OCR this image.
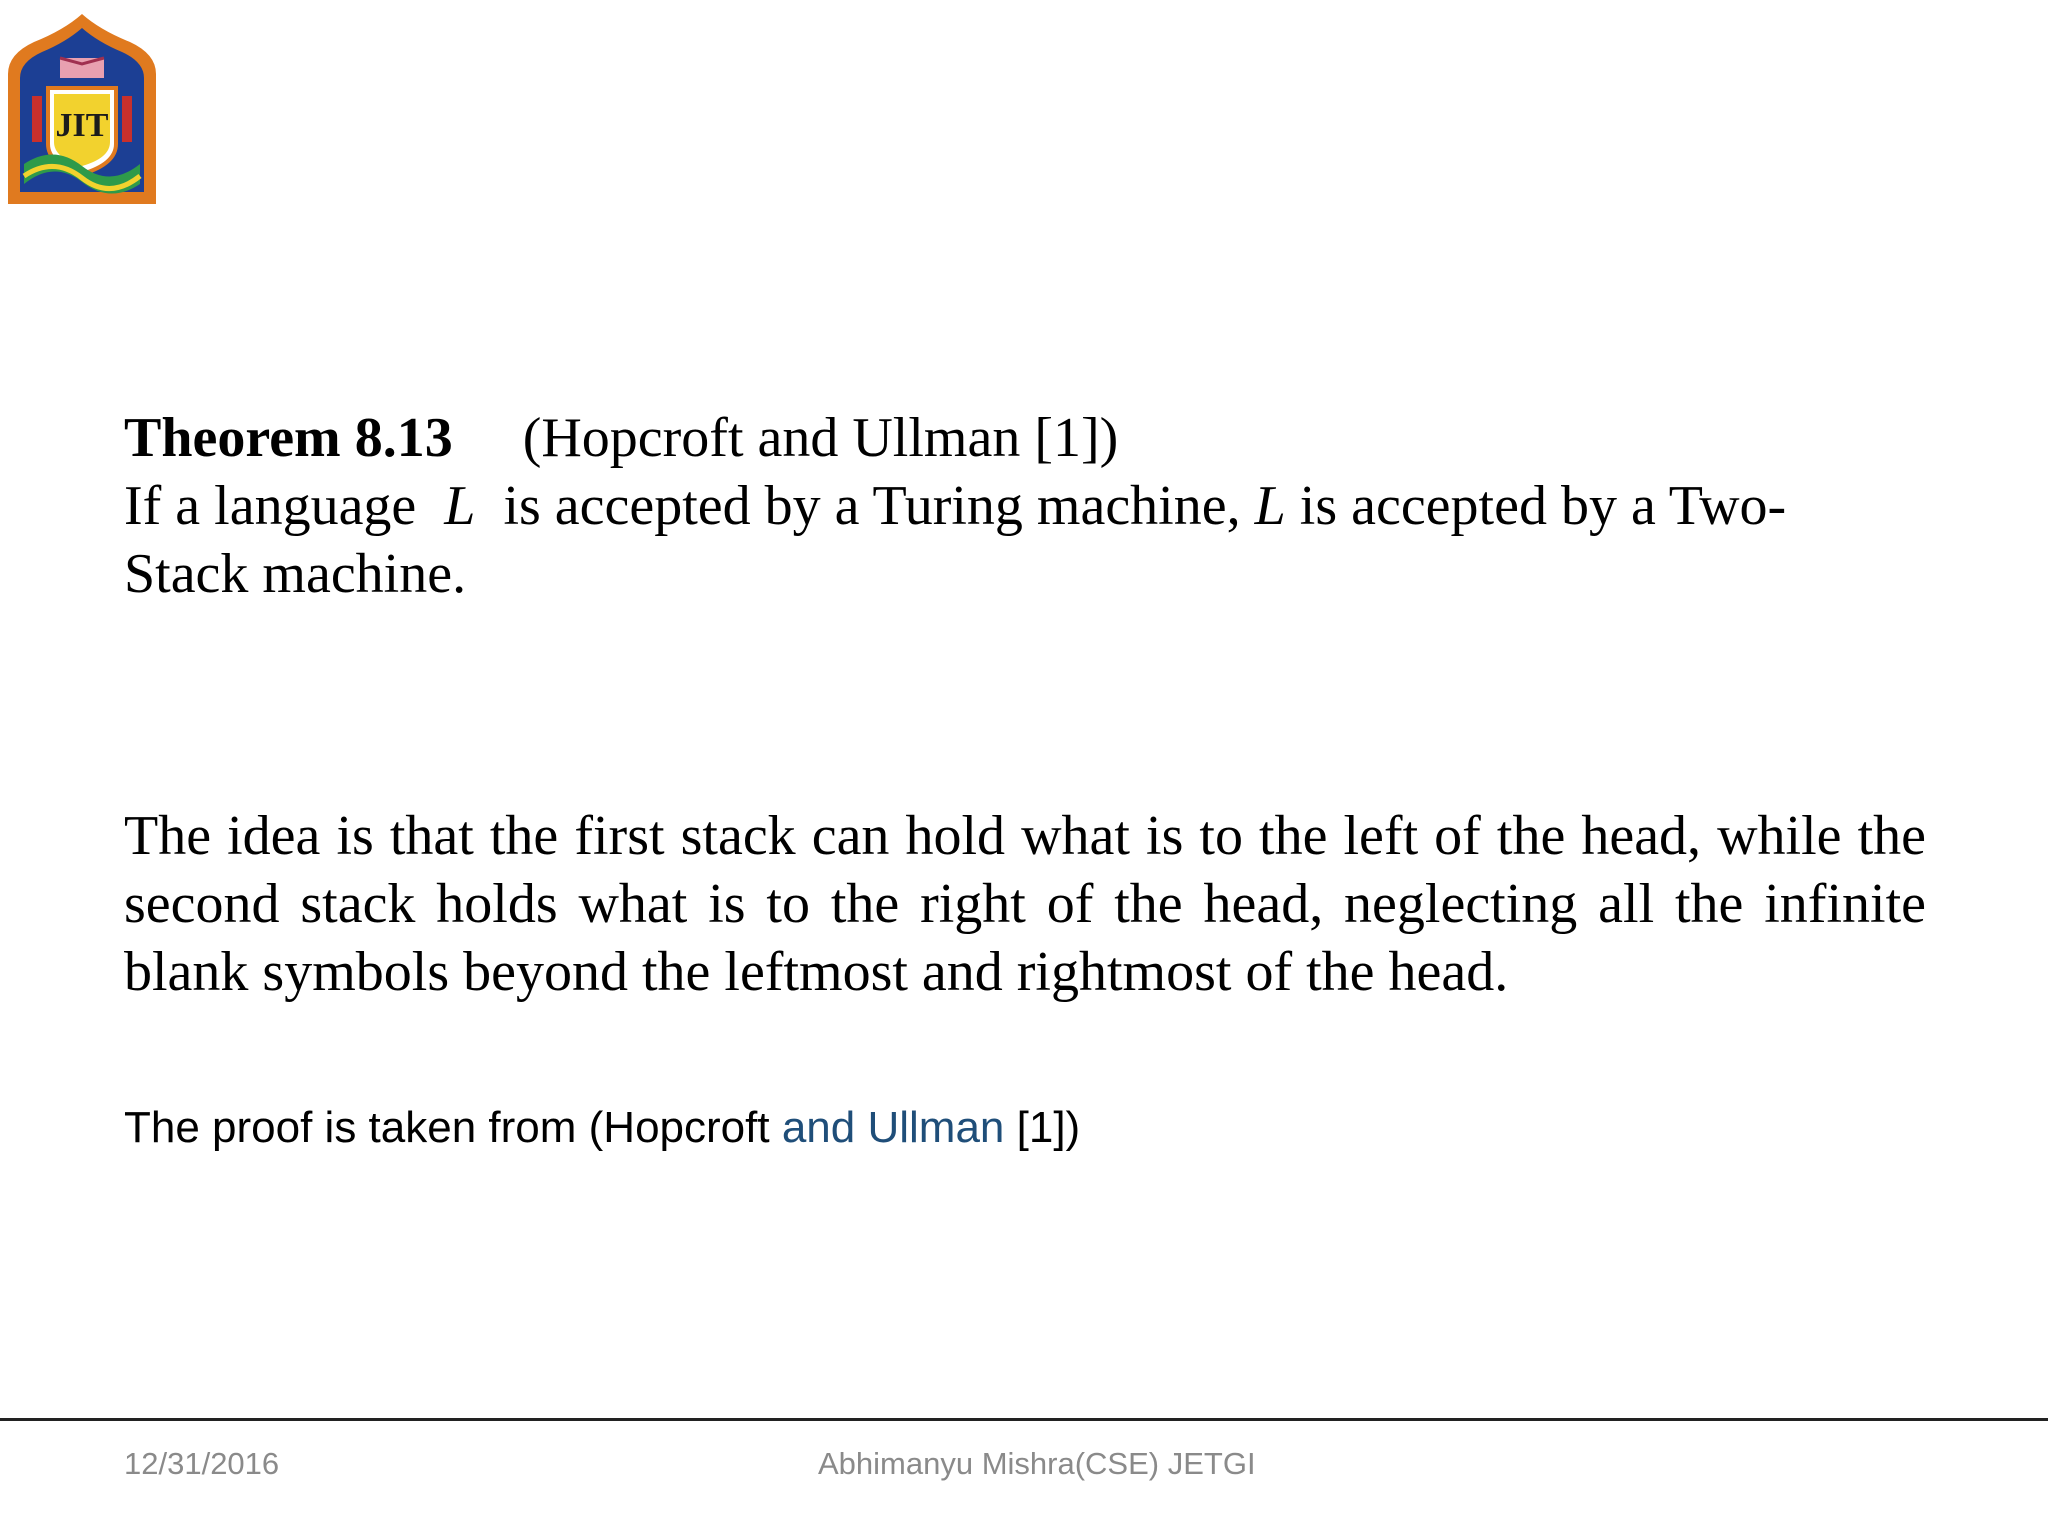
JIT
Theorem 8.13 (Hopcroft and Ullman [1])
If a language L is accepted by a Turing machine, L is accepted by a Two-
Stack machine.
The idea is that the first stack can hold what is to the left of the head, while the second stack holds what is to the right of the head, neglecting all the infinite blank symbols beyond the leftmost and rightmost of the head.
The proof is taken from (Hopcroft and Ullman [1])
12/31/2016	Abhimanyu Mishra(CSE) JETGI
